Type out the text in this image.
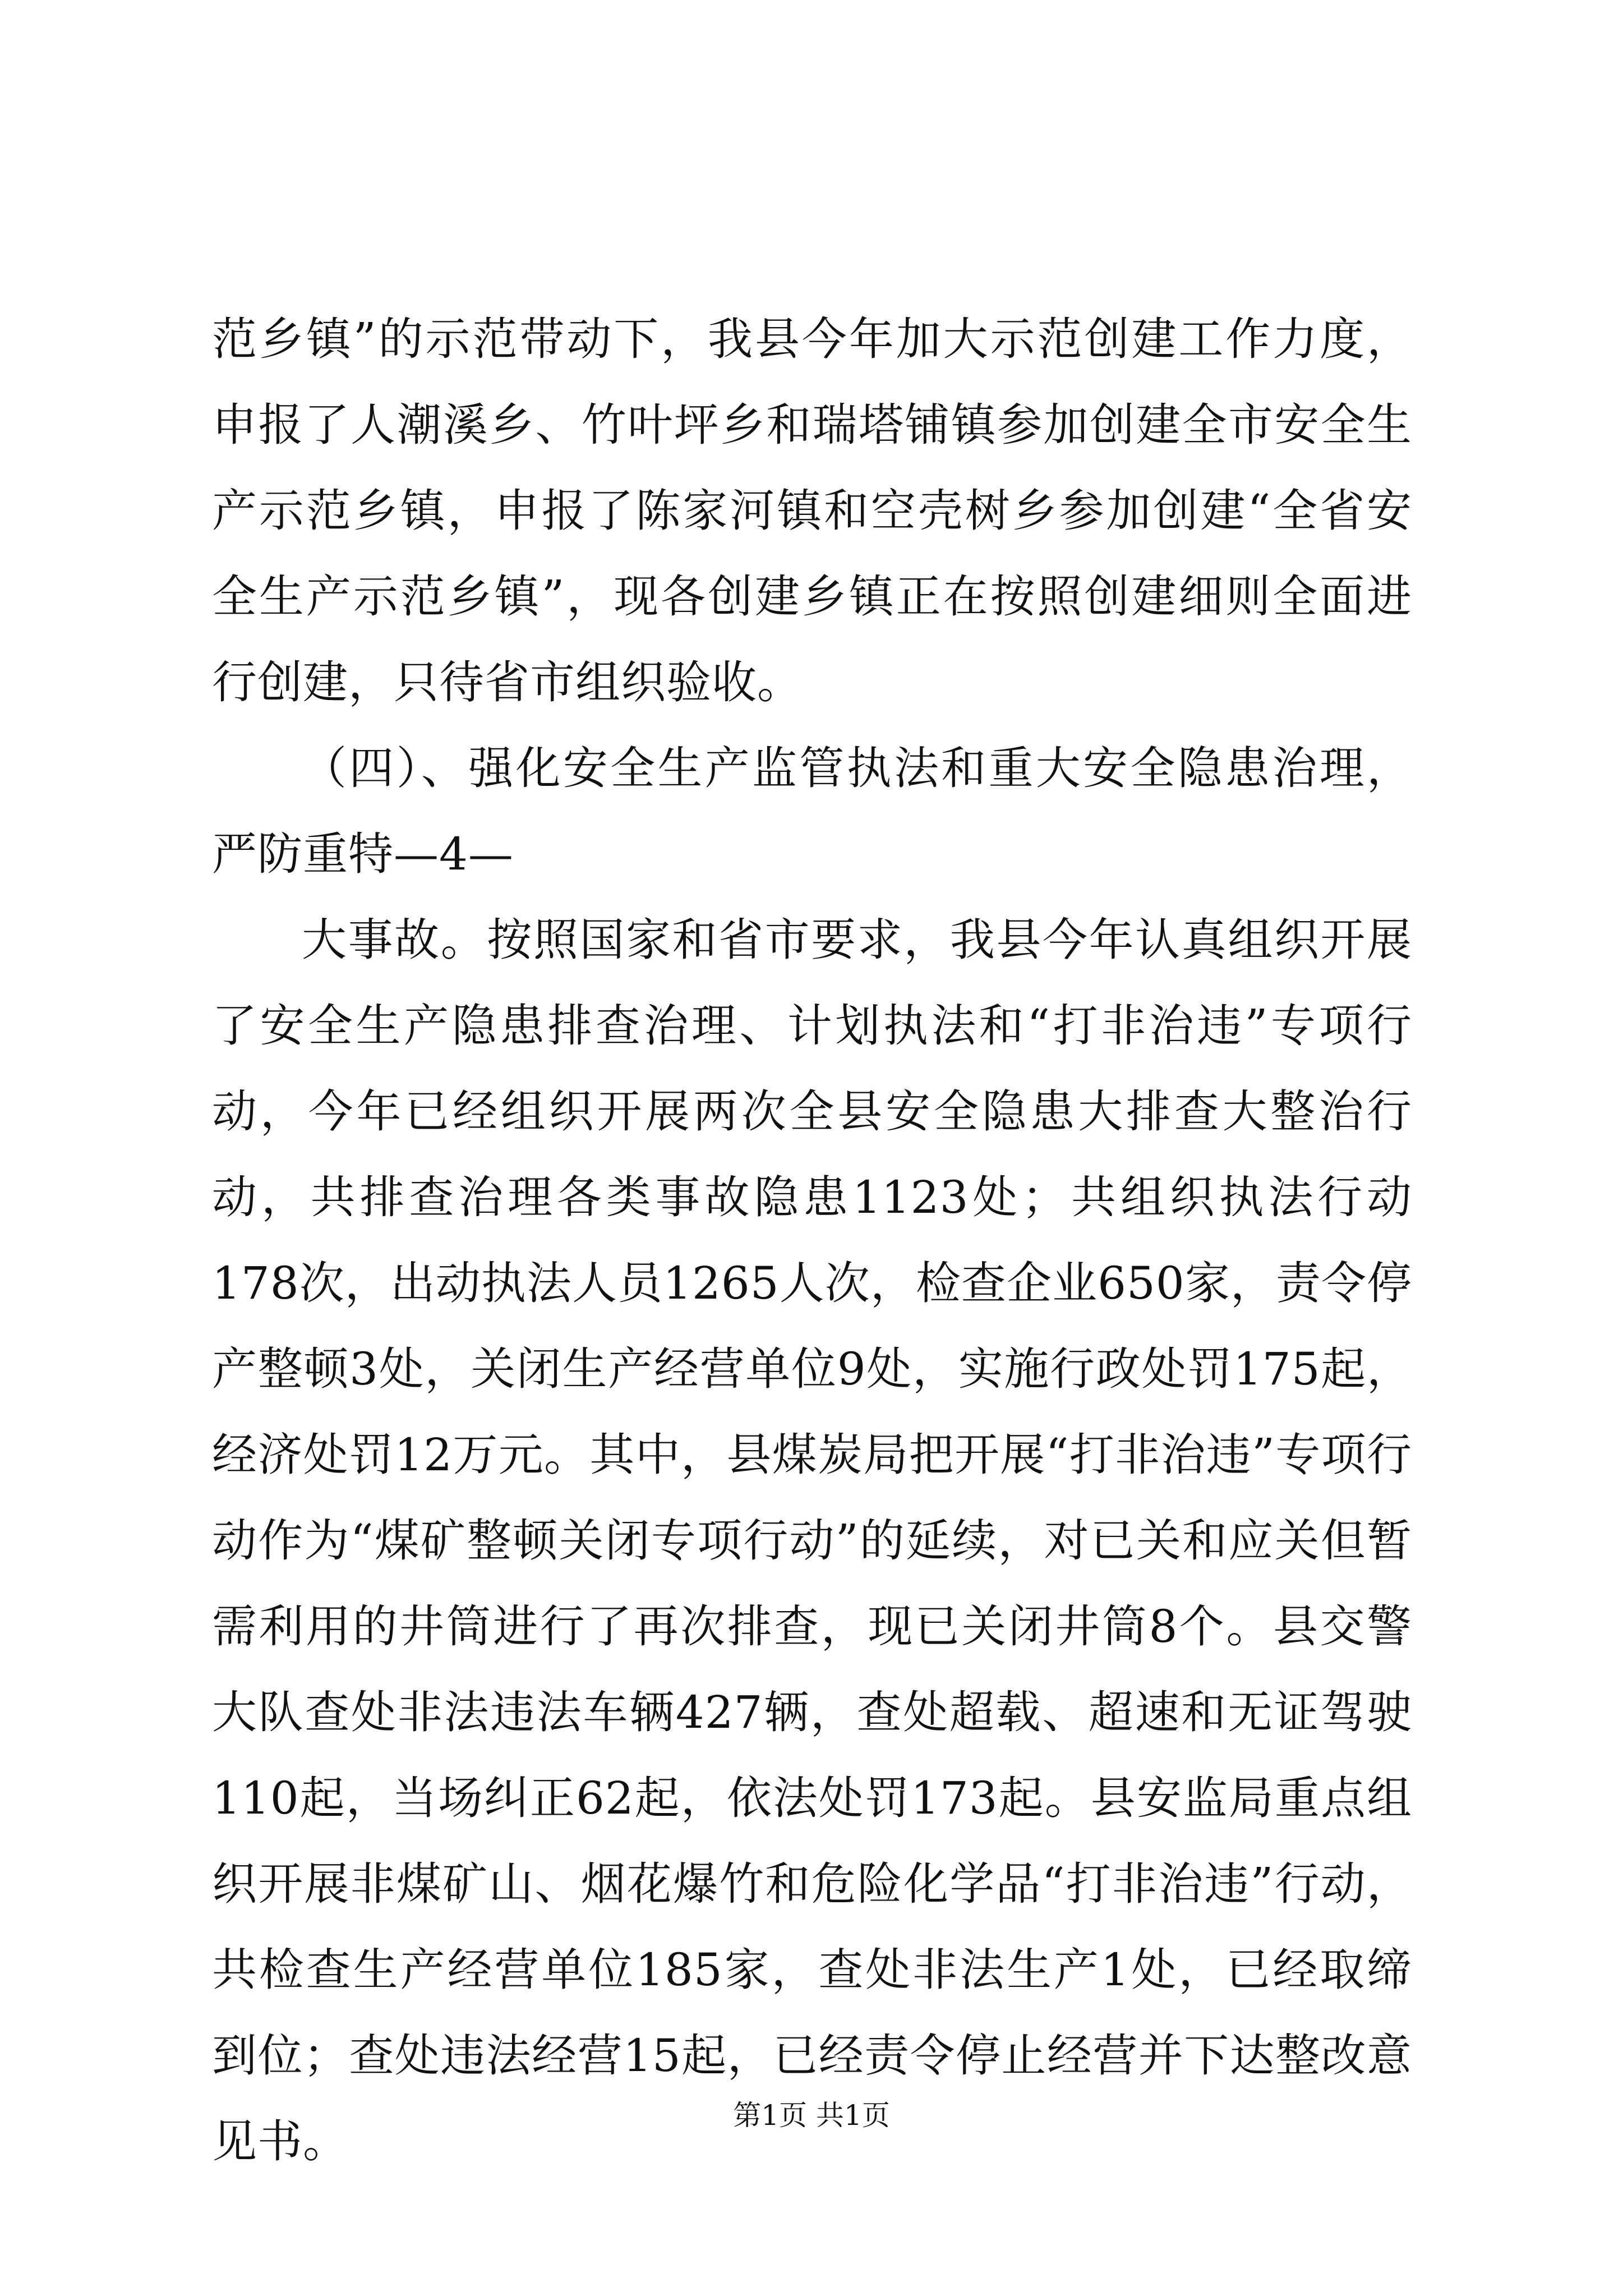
范乡镇”的示范带动下，我县今年加大示范创建工作力度，申报了人潮溪乡、竹叶坪乡和瑞塔铺镇参加创建全市安全生产示范乡镇，申报了陈家河镇和空壳树乡参加创建“全省安全生产示范乡镇”，现各创建乡镇正在按照创建细则全面进行创建，只待省市组织验收。

（四）、强化安全生产监管执法和重大安全隐患治理，严防重特—4—

大事故。按照国家和省市要求，我县今年认真组织开展了安全生产隐患排查治理、计划执法和“打非治违”专项行动，今年已经组织开展两次全县安全隐患大排查大整治行动，共排查治理各类事故隐患1123处；共组织执法行动178次，出动执法人员1265人次，检查企业650家，责令停产整顿3处，关闭生产经营单位9处，实施行政处罚175起，经济处罚12万元。其中，县煤炭局把开展“打非治违”专项行动作为“煤矿整顿关闭专项行动”的延续，对已关和应关但暂需利用的井筒进行了再次排查，现已关闭井筒8个。县交警大队查处非法违法车辆427辆，查处超载、超速和无证驾驶110起，当场纠正62起，依法处罚173起。县安监局重点组织开展非煤矿山、烟花爆竹和危险化学品“打非治违”行动，共检查生产经营单位185家，查处非法生产1处，已经取缔到位；查处违法经营15起，已经责令停止经营并下达整改意见书。	第1页 共1页
